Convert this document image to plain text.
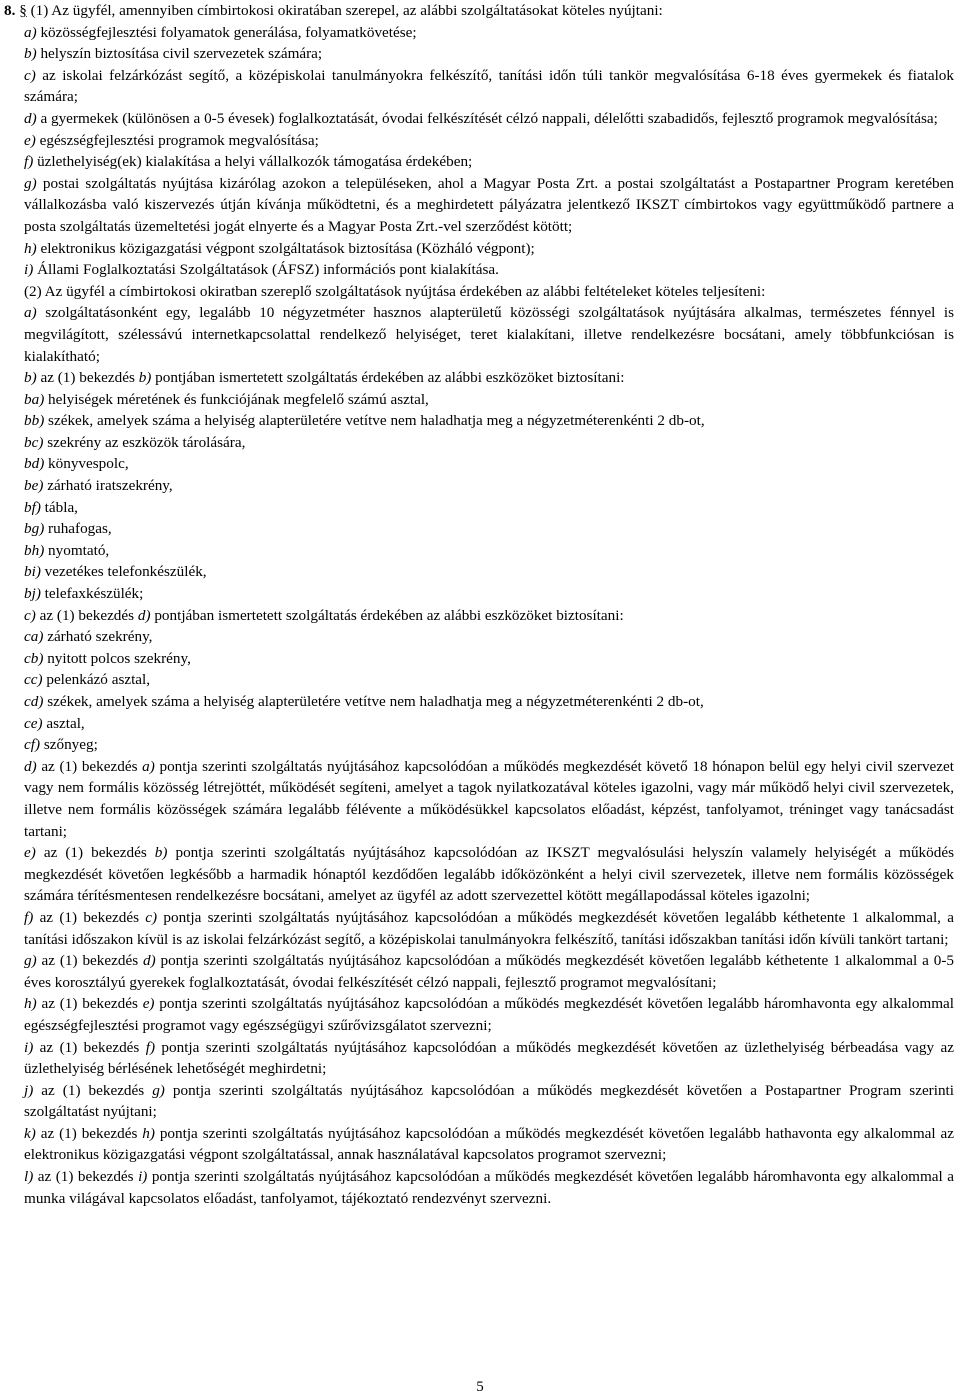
8. § (1) Az ügyfél, amennyiben címbirtokosi okiratában szerepel, az alábbi szolgáltatásokat köteles nyújtani:
a) közösségfejlesztési folyamatok generálása, folyamatkövetése;
b) helyszín biztosítása civil szervezetek számára;
c) az iskolai felzárkózást segítő, a középiskolai tanulmányokra felkészítő, tanítási időn túli tankör megvalósítása 6-18 éves gyermekek és fiatalok számára;
d) a gyermekek (különösen a 0-5 évesek) foglalkoztatását, óvodai felkészítését célzó nappali, délelőtti szabadidős, fejlesztő programok megvalósítása;
e) egészségfejlesztési programok megvalósítása;
f) üzlethelyiség(ek) kialakítása a helyi vállalkozók támogatása érdekében;
g) postai szolgáltatás nyújtása kizárólag azokon a településeken, ahol a Magyar Posta Zrt. a postai szolgáltatást a Postapartner Program keretében vállalkozásba való kiszervezés útján kívánja működtetni, és a meghirdetett pályázatra jelentkező IKSZT címbirtokos vagy együttműködő partnere a posta szolgáltatás üzemeltetési jogát elnyerte és a Magyar Posta Zrt.-vel szerződést kötött;
h) elektronikus közigazgatási végpont szolgáltatások biztosítása (Közháló végpont);
i) Állami Foglalkoztatási Szolgáltatások (ÁFSZ) információs pont kialakítása.
(2) Az ügyfél a címbirtokosi okiratban szereplő szolgáltatások nyújtása érdekében az alábbi feltételeket köteles teljesíteni:
a) szolgáltatásonként egy, legalább 10 négyzetméter hasznos alapterületű közösségi szolgáltatások nyújtására alkalmas, természetes fénnyel is megvilágított, szélessávú internetkapcsolattal rendelkező helyiséget, teret kialakítani, illetve rendelkezésre bocsátani, amely többfunkciósan is kialakítható;
b) az (1) bekezdés b) pontjában ismertetett szolgáltatás érdekében az alábbi eszközöket biztosítani:
ba) helyiségek méretének és funkciójának megfelelő számú asztal,
bb) székek, amelyek száma a helyiség alapterületére vetítve nem haladhatja meg a négyzetméterenkénti 2 db-ot,
bc) szekrény az eszközök tárolására,
bd) könyvespolc,
be) zárható iratszekrény,
bf) tábla,
bg) ruhafogas,
bh) nyomtató,
bi) vezetékes telefonkészülék,
bj) telefaxkészülék;
c) az (1) bekezdés d) pontjában ismertetett szolgáltatás érdekében az alábbi eszközöket biztosítani:
ca) zárható szekrény,
cb) nyitott polcos szekrény,
cc) pelenkázó asztal,
cd) székek, amelyek száma a helyiség alapterületére vetítve nem haladhatja meg a négyzetméterenkénti 2 db-ot,
ce) asztal,
cf) szőnyeg;
d) az (1) bekezdés a) pontja szerinti szolgáltatás nyújtásához kapcsolódóan a működés megkezdését követő 18 hónapon belül egy helyi civil szervezet vagy nem formális közösség létrejöttét, működését segíteni, amelyet a tagok nyilatkozatával köteles igazolni, vagy már működő helyi civil szervezetek, illetve nem formális közösségek számára legalább félévente a működésükkel kapcsolatos előadást, képzést, tanfolyamot, tréninget vagy tanácsadást tartani;
e) az (1) bekezdés b) pontja szerinti szolgáltatás nyújtásához kapcsolódóan az IKSZT megvalósulási helyszín valamely helyiségét a működés megkezdését követően legkésőbb a harmadik hónaptól kezdődően legalább időközönként a helyi civil szervezetek, illetve nem formális közösségek számára térítésmentesen rendelkezésre bocsátani, amelyet az ügyfél az adott szervezettel kötött megállapodással köteles igazolni;
f) az (1) bekezdés c) pontja szerinti szolgáltatás nyújtásához kapcsolódóan a működés megkezdését követően legalább kéthetente 1 alkalommal, a tanítási időszakon kívül is az iskolai felzárkózást segítő, a középiskolai tanulmányokra felkészítő, tanítási időszakban tanítási időn kívüli tankört tartani;
g) az (1) bekezdés d) pontja szerinti szolgáltatás nyújtásához kapcsolódóan a működés megkezdését követően legalább kéthetente 1 alkalommal a 0-5 éves korosztályú gyerekek foglalkoztatását, óvodai felkészítését célzó nappali, fejlesztő programot megvalósítani;
h) az (1) bekezdés e) pontja szerinti szolgáltatás nyújtásához kapcsolódóan a működés megkezdését követően legalább háromhavonta egy alkalommal egészségfejlesztési programot vagy egészségügyi szűrővizsgálatot szervezni;
i) az (1) bekezdés f) pontja szerinti szolgáltatás nyújtásához kapcsolódóan a működés megkezdését követően az üzlethelyiség bérbeadása vagy az üzlethelyiség bérlésének lehetőségét meghirdetni;
j) az (1) bekezdés g) pontja szerinti szolgáltatás nyújtásához kapcsolódóan a működés megkezdését követően a Postapartner Program szerinti szolgáltatást nyújtani;
k) az (1) bekezdés h) pontja szerinti szolgáltatás nyújtásához kapcsolódóan a működés megkezdését követően legalább hathavonta egy alkalommal az elektronikus közigazgatási végpont szolgáltatással, annak használatával kapcsolatos programot szervezni;
l) az (1) bekezdés i) pontja szerinti szolgáltatás nyújtásához kapcsolódóan a működés megkezdését követően legalább háromhavonta egy alkalommal a munka világával kapcsolatos előadást, tanfolyamot, tájékoztató rendezvényt szervezni.
5
